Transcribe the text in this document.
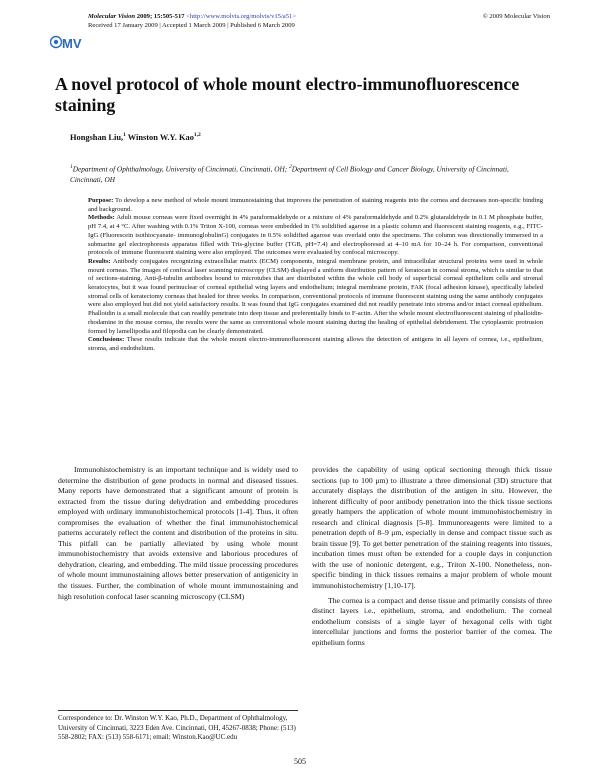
MV
Molecular Vision 2009; 15:505-517 <http://www.molvis.org/molvis/v15/a51>
Received 17 January 2009 | Accepted 1 March 2009 | Published 6 March 2009
© 2009 Molecular Vision
A novel protocol of whole mount electro-immunofluorescence staining
Hongshan Liu,$^1$ Winston W.Y. Kao$^{1,2}$
$^1$Department of Ophthalmology, University of Cincinnati, Cincinnati, OH; $^2$Department of Cell Biology and Cancer Biology, University of Cincinnati, Cincinnati, OH

Purpose: To develop a new method of whole mount immunostaining that improves the penetration of staining reagents into the cornea and decreases non-specific binding and background.

Methods: Adult mouse corneas were fixed overnight in 4% paraformaldehyde or a mixture of 4% paraformaldehyde and 0.2% glutaraldehyde in 0.1 M phosphate buffer, pH 7.4, at 4 °C. After washing with 0.1% Triton X-100, corneas were embedded in 1% solidified agarose in a plastic column and fluorescent staining reagents, e.g., FITC-IgG (Fluorescein isothiocyanate- immunoglobulinG) conjugates in 0.5% solidified agarose was overlaid onto the specimens. The column was directionally immersed in a submarine gel electrophoresis apparatus filled with Tris-glycine buffer (TGB, pH=7.4) and electrophoresed at 4–10 mA for 10–24 h. For comparison, conventional protocols of immune fluorescent staining were also employed. The outcomes were evaluated by confocal microscopy.

Results: Antibody conjugates recognizing extracellular matrix (ECM) components, integral membrane protein, and intracellular structural proteins were used in whole mount corneas. The images of confocal laser scanning microscopy (CLSM) displayed a uniform distribution pattern of keratocan in corneal stroma, which is similar to that of sections-staining. Anti-β-tubulin antibodies bound to microtubes that are distributed within the whole cell body of superficial corneal epithelium cells and stromal keratocytes, but it was found perinuclear of corneal epithelial wing layers and endothelium; integral membrane protein, FAK (focal adhesion kinase), specifically labeled stromal cells of keratectomy corneas that healed for three weeks. In comparison, conventional protocols of immune fluorescent staining using the same antibody conjugates were also employed but did not yield satisfactory results. It was found that IgG conjugates examined did not readily penetrate into stroma and/or intact corneal epithelium. Phalloidin is a small molecule that can readily penetrate into deep tissue and preferentially binds to F-actin. After the whole mount electrofluorescent staining of phalloidin-rhodamine in the mouse cornea, the results were the same as conventional whole mount staining during the healing of epithelial debridement. The cytoplasmic protrusion formed by lamellipodia and filopodia can be clearly demonstrated.

Conclusions: These results indicate that the whole mount electro-immunofluorescent staining allows the detection of antigens in all layers of cornea, i.e., epithelium, stroma, and endothelium.

Immunohistochemistry is an important technique and is widely used to determine the distribution of gene products in normal and diseased tissues. Many reports have demonstrated that a significant amount of protein is extracted from the tissue during dehydration and embedding procedures employed with ordinary immunohistochemical protocols [1-4]. Thus, it often compromises the evaluation of whether the final immunohistochemical patterns accurately reflect the content and distribution of the proteins in situ. This pitfall can be partially alleviated by using whole mount immunohistochemistry that avoids extensive and laborious procedures of dehydration, clearing, and embedding. The mild tissue processing procedures of whole mount immunostaining allows better preservation of antigenicity in the tissues. Further, the combination of whole mount immunostaining and high resolution confocal laser scanning microscopy (CLSM)

provides the capability of using optical sectioning through thick tissue sections (up to 100 μm) to illustrate a three dimensional (3D) structure that accurately displays the distribution of the antigen in situ. However, the inherent difficulty of poor antibody penetration into the thick tissue sections greatly hampers the application of whole mount immunohistochemistry in research and clinical diagnosis [5-8]. Immunoreagents were limited to a penetration depth of 8–9 μm, especially in dense and compact tissue such as brain tissue [9]. To get better penetration of the staining reagents into tissues, incubation times must often be extended for a couple days in conjunction with the use of nonionic detergent, e.g., Triton X-100. Nonetheless, non-specific binding in thick tissues remains a major problem of whole mount immunohistochemistry [1,10-17].

The cornea is a compact and dense tissue and primarily consists of three distinct layers i.e., epithelium, stroma, and endothelium. The corneal endothelium consists of a single layer of hexagonal cells with tight intercellular junctions and forms the posterior barrier of the cornea. The epithelium forms

Correspondence to: Dr. Winston W.Y. Kao, Ph.D., Department of Ophthalmology, University of Cincinnati, 3223 Eden Ave. Cincinnati, OH, 45267-0838; Phone: (513) 558-2802; FAX: (513) 558-6171; email: Winston.Kao@UC.edu

505
